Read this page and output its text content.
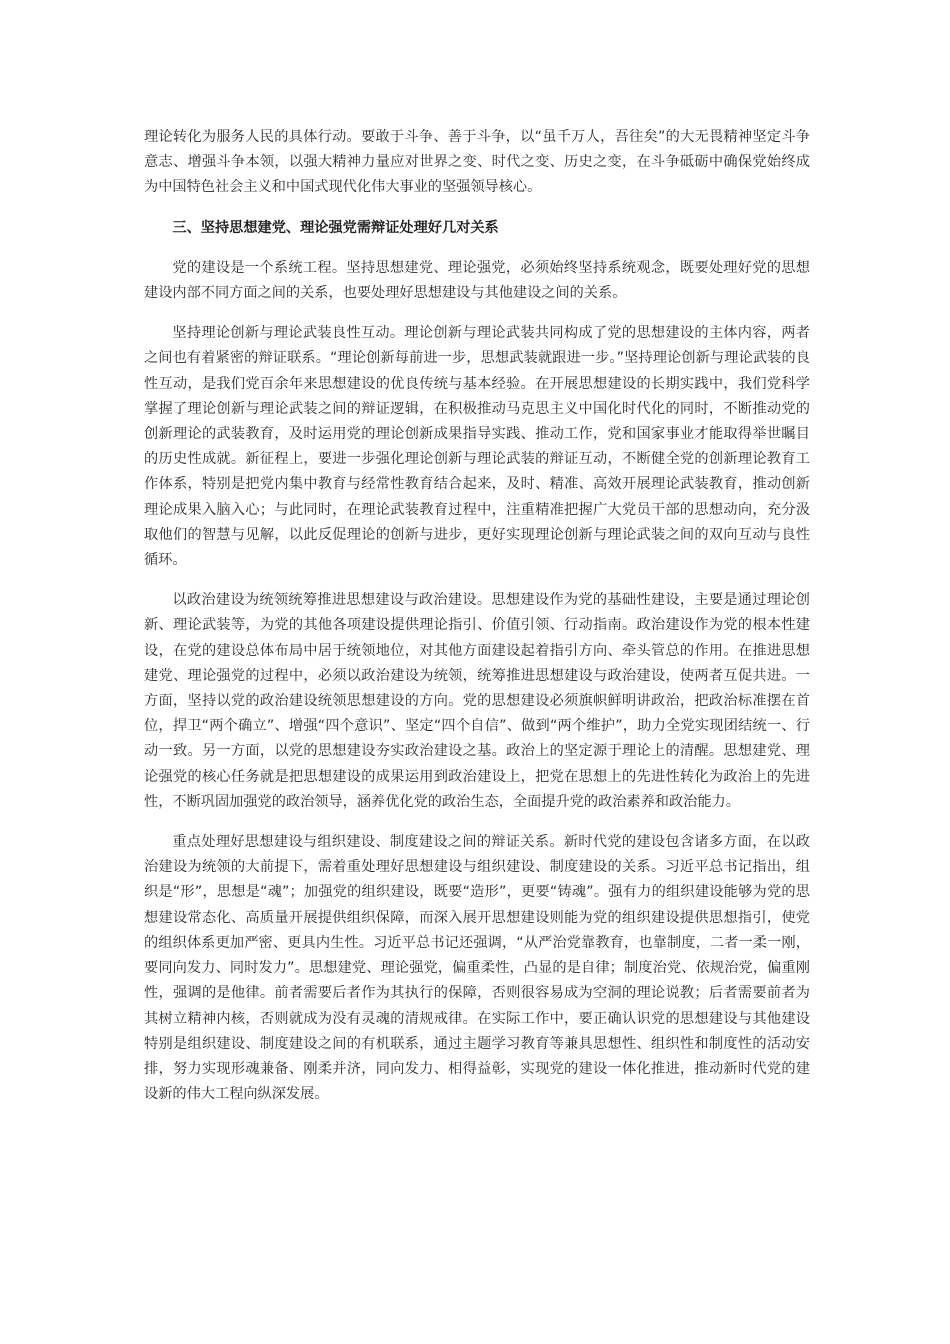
理论转化为服务人民的具体行动。要敢于斗争、善于斗争，以“虽千万人，吾往矣”的大无畏精神坚定斗争意志、增强斗争本领，以强大精神力量应对世界之变、时代之变、历史之变，在斗争砥砺中确保党始终成为中国特色社会主义和中国式现代化伟大事业的坚强领导核心。

三、坚持思想建党、理论强党需辩证处理好几对关系

党的建设是一个系统工程。坚持思想建党、理论强党，必须始终坚持系统观念，既要处理好党的思想建设内部不同方面之间的关系，也要处理好思想建设与其他建设之间的关系。

坚持理论创新与理论武装良性互动。理论创新与理论武装共同构成了党的思想建设的主体内容，两者之间也有着紧密的辩证联系。“理论创新每前进一步，思想武装就跟进一步。”坚持理论创新与理论武装的良性互动，是我们党百余年来思想建设的优良传统与基本经验。在开展思想建设的长期实践中，我们党科学掌握了理论创新与理论武装之间的辩证逻辑，在积极推动马克思主义中国化时代化的同时，不断推动党的创新理论的武装教育，及时运用党的理论创新成果指导实践、推动工作，党和国家事业才能取得举世瞩目的历史性成就。新征程上，要进一步强化理论创新与理论武装的辩证互动，不断健全党的创新理论教育工作体系，特别是把党内集中教育与经常性教育结合起来，及时、精准、高效开展理论武装教育，推动创新理论成果入脑入心；与此同时，在理论武装教育过程中，注重精准把握广大党员干部的思想动向，充分汲取他们的智慧与见解，以此反促理论的创新与进步，更好实现理论创新与理论武装之间的双向互动与良性循环。

以政治建设为统领统筹推进思想建设与政治建设。思想建设作为党的基础性建设，主要是通过理论创新、理论武装等，为党的其他各项建设提供理论指引、价值引领、行动指南。政治建设作为党的根本性建设，在党的建设总体布局中居于统领地位，对其他方面建设起着指引方向、牵头管总的作用。在推进思想建党、理论强党的过程中，必须以政治建设为统领，统筹推进思想建设与政治建设，使两者互促共进。一方面，坚持以党的政治建设统领思想建设的方向。党的思想建设必须旗帜鲜明讲政治，把政治标准摆在首位，捍卫“两个确立”、增强“四个意识”、坚定“四个自信”、做到“两个维护”，助力全党实现团结统一、行动一致。另一方面，以党的思想建设夯实政治建设之基。政治上的坚定源于理论上的清醒。思想建党、理论强党的核心任务就是把思想建设的成果运用到政治建设上，把党在思想上的先进性转化为政治上的先进性，不断巩固加强党的政治领导，涵养优化党的政治生态，全面提升党的政治素养和政治能力。

重点处理好思想建设与组织建设、制度建设之间的辩证关系。新时代党的建设包含诸多方面，在以政治建设为统领的大前提下，需着重处理好思想建设与组织建设、制度建设的关系。习近平总书记指出，组织是“形”，思想是“魂”；加强党的组织建设，既要“造形”，更要“铸魂”。强有力的组织建设能够为党的思想建设常态化、高质量开展提供组织保障，而深入展开思想建设则能为党的组织建设提供思想指引，使党的组织体系更加严密、更具内生性。习近平总书记还强调，“从严治党靠教育，也靠制度，二者一柔一刚，要同向发力、同时发力”。思想建党、理论强党，偏重柔性，凸显的是自律；制度治党、依规治党，偏重刚性，强调的是他律。前者需要后者作为其执行的保障，否则很容易成为空洞的理论说教；后者需要前者为其树立精神内核，否则就成为没有灵魂的清规戒律。在实际工作中，要正确认识党的思想建设与其他建设特别是组织建设、制度建设之间的有机联系，通过主题学习教育等兼具思想性、组织性和制度性的活动安排，努力实现形魂兼备、刚柔并济，同向发力、相得益彰，实现党的建设一体化推进，推动新时代党的建设新的伟大工程向纵深发展。
